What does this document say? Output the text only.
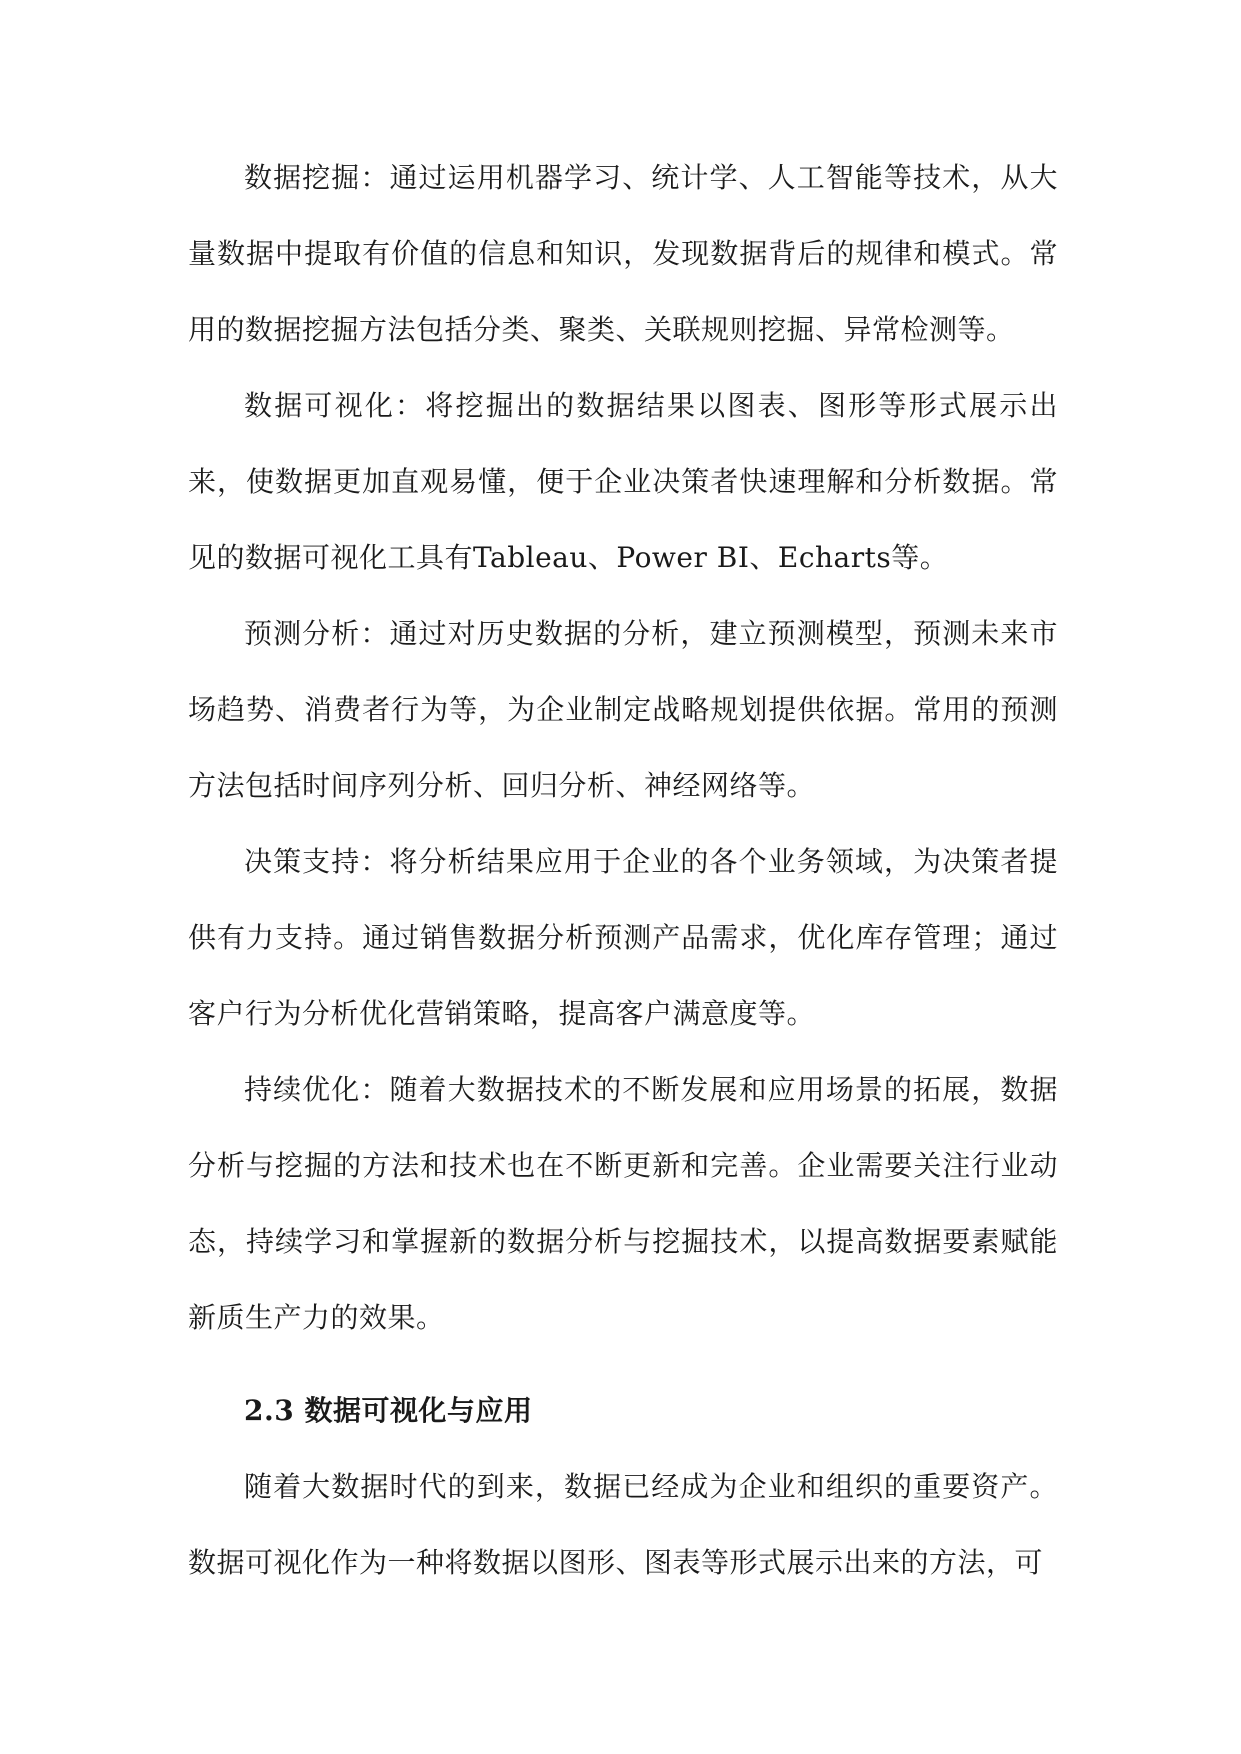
数据挖掘：通过运用机器学习、统计学、人工智能等技术，从大量数据中提取有价值的信息和知识，发现数据背后的规律和模式。常用的数据挖掘方法包括分类、聚类、关联规则挖掘、异常检测等。

数据可视化：将挖掘出的数据结果以图表、图形等形式展示出来，使数据更加直观易懂，便于企业决策者快速理解和分析数据。常见的数据可视化工具有Tableau、Power BI、Echarts等。

预测分析：通过对历史数据的分析，建立预测模型，预测未来市场趋势、消费者行为等，为企业制定战略规划提供依据。常用的预测方法包括时间序列分析、回归分析、神经网络等。

决策支持：将分析结果应用于企业的各个业务领域，为决策者提供有力支持。通过销售数据分析预测产品需求，优化库存管理；通过客户行为分析优化营销策略，提高客户满意度等。

持续优化：随着大数据技术的不断发展和应用场景的拓展，数据分析与挖掘的方法和技术也在不断更新和完善。企业需要关注行业动态，持续学习和掌握新的数据分析与挖掘技术，以提高数据要素赋能新质生产力的效果。

2.3 数据可视化与应用

随着大数据时代的到来，数据已经成为企业和组织的重要资产。数据可视化作为一种将数据以图形、图表等形式展示出来的方法，可
